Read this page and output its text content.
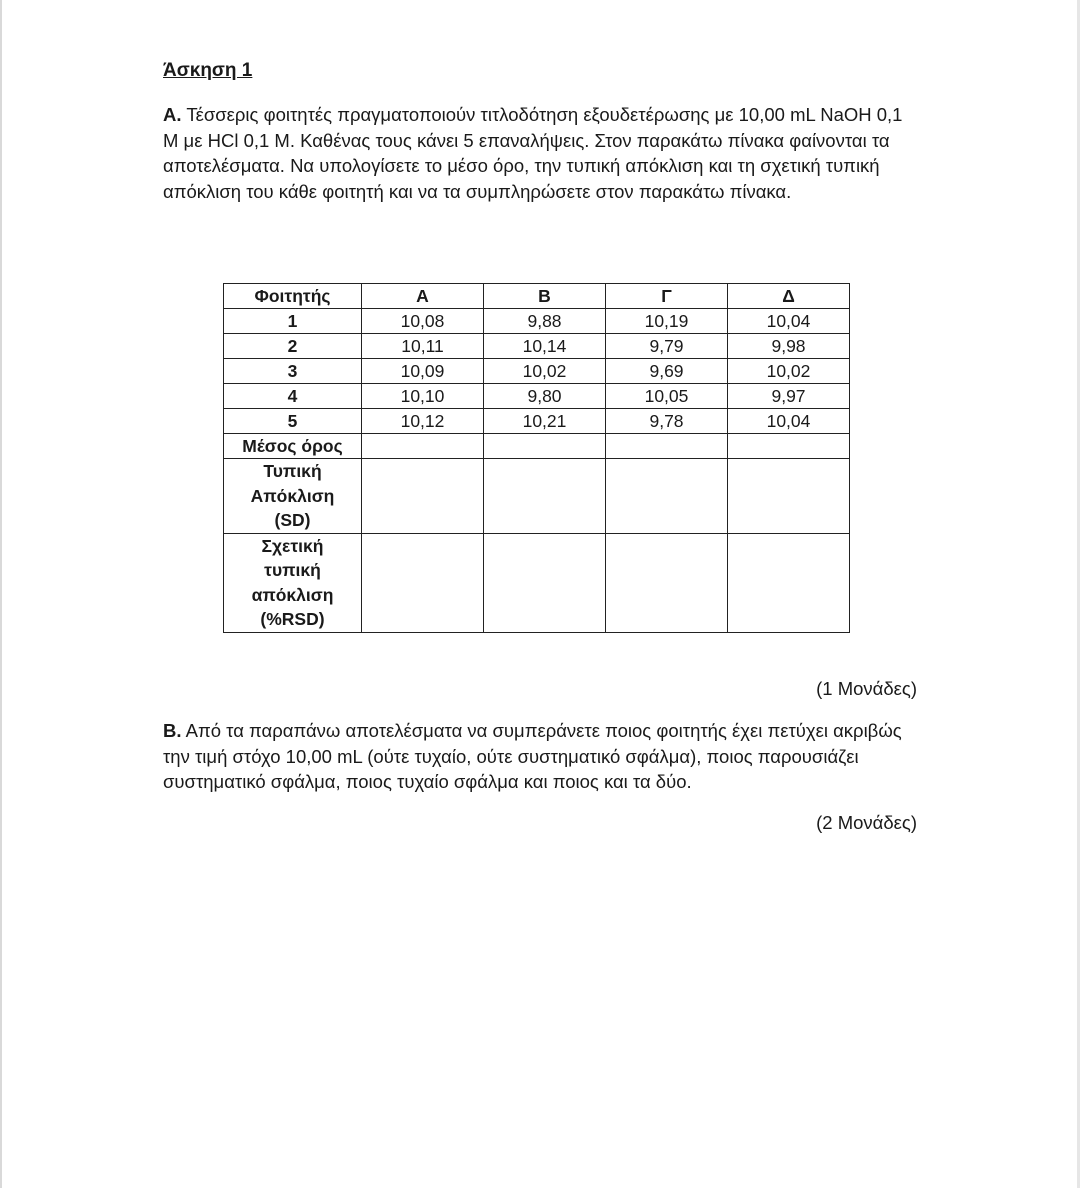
Άσκηση 1

Α. Τέσσερις φοιτητές πραγματοποιούν τιτλοδότηση εξουδετέρωσης με 10,00 mL NaOH 0,1 M με HCl 0,1 M. Καθένας τους κάνει 5 επαναλήψεις. Στον παρακάτω πίνακα φαίνονται τα αποτελέσματα. Να υπολογίσετε το μέσο όρο, την τυπική απόκλιση και τη σχετική τυπική απόκλιση του κάθε φοιτητή και να τα συμπληρώσετε στον παρακάτω πίνακα.

Φοιτητής	Α	Β	Γ	Δ
1	10,08	9,88	10,19	10,04
2	10,11	10,14	9,79	9,98
3	10,09	10,02	9,69	10,02
4	10,10	9,80	10,05	9,97
5	10,12	10,21	9,78	10,04
Μέσος όρος				

Τυπική
Απόκλιση
(SD)				

Σχετική
τυπική
απόκλιση
(%RSD)				

(1 Μονάδες)

Β. Από τα παραπάνω αποτελέσματα να συμπεράνετε ποιος φοιτητής έχει πετύχει ακριβώς την τιμή στόχο 10,00 mL (ούτε τυχαίο, ούτε συστηματικό σφάλμα), ποιος παρουσιάζει συστηματικό σφάλμα, ποιος τυχαίο σφάλμα και ποιος και τα δύο.

(2 Μονάδες)
